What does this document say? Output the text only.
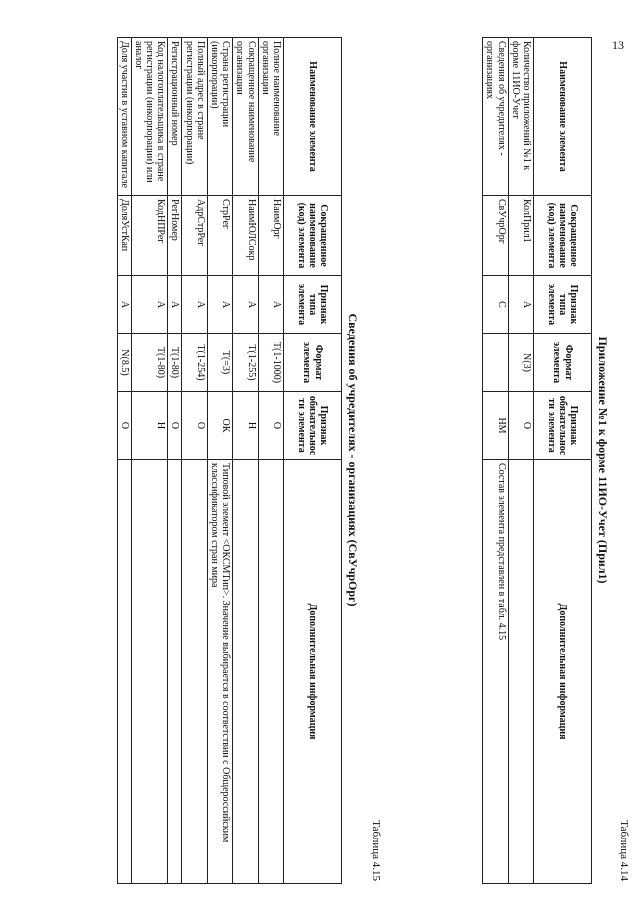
13
Таблица 4.14
Приложение №1 к форме 11ИО-Учет (Прил1)
Наименование элемента	Сокращенное наименование (код) элемента	Признак типа элемента	Формат элемента	Признак обязательности элемента	Дополнительная информация
Количество приложений №1 к форме 11ИО-Учет	КолПрил1	А	N(3)	О	
Сведения об учредителях - организациях	СвУчрОрг	С		НМ	Состав элемента представлен в табл. 4.15
Таблица 4.15
Сведения об учредителях - организациях (СвУчрОрг)
Наименование элемента	Сокращенное наименование (код) элемента	Признак типа элемента	Формат элемента	Признак обязательности элемента	Дополнительная информация
Полное наименование организации	НаимОрг	А	T(1-1000)	О	
Сокращенное наименование организации	НаимЮЛСокр	А	T(1-255)	Н	
Страна регистрации (инкорпорации)	СтрРег	А	T(=3)	ОК	Типовой элемент <ОКСМТип>. Значение выбирается в соответствии с Общероссийским классификатором стран мира
Полный адрес в стране регистрации (инкорпорации)	АдрСтрРег	А	T(1-254)	О	
Регистрационный номер	РегНомер	А	T(1-80)	О	
Код налогоплательщика в стране регистрации (инкорпорации) или аналог	КодНПРег	А	T(1-80)	Н	
Доля участия в уставном капитале	ДоляУстКап	А	N(8.5)	О	
